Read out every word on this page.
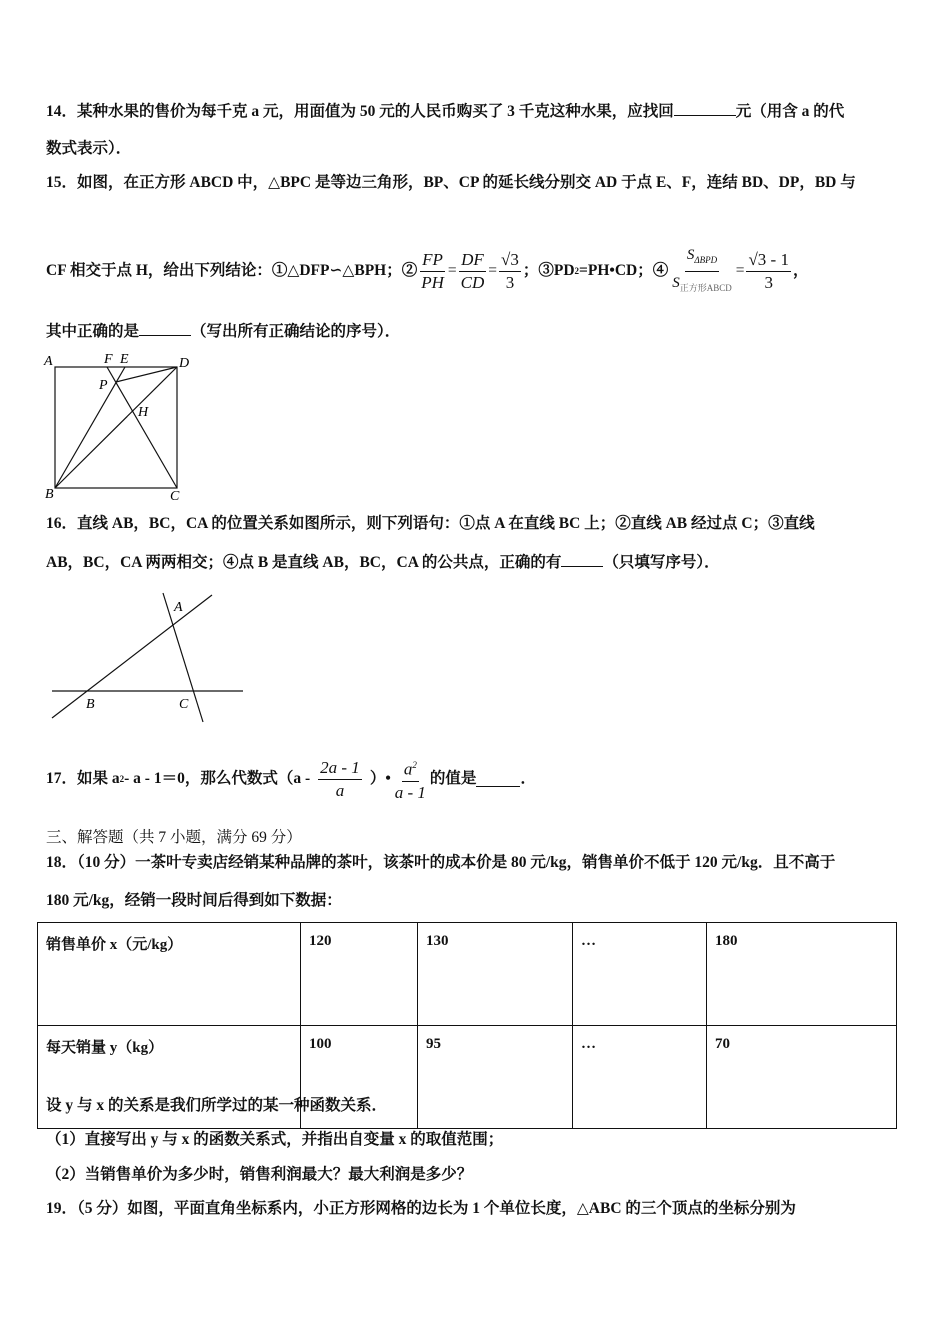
14．某种水果的售价为每千克 a 元，用面值为 50 元的人民币购买了 3 千克这种水果，应找回	元（用含 a 的代
数式表示）．
15．如图，在正方形 ABCD 中，△BPC 是等边三角形，BP、CP 的延长线分别交 AD 于点 E、F，连结 BD、DP，BD 与
CF 相交于点 H，给出下列结论：①△DFP∽△BPH；② $\frac{FP}{PH} = \frac{DF}{CD} = \frac{√3}{3}$ ；③PD 2 =PH•CD；④ $\frac{S_{\Delta BPD}}{S_{正方形ABCD}} = \frac{√3 - 1}{3}$ ，
其中正确的是	（写出所有正确结论的序号）．
A	F E	D
P
H
B	C
16．直线 AB，BC，CA 的位置关系如图所示，则下列语句：①点 A 在直线 BC 上；②直线 AB 经过点 C；③直线
AB，BC，CA 两两相交；④点 B 是直线 AB，BC，CA 的公共点，正确的有	（只填写序号）．
A
B	C
17．如果 a 2 - a - 1＝0，那么代数式（$a - \frac{2a - 1}{a}$ ）• $\frac{a^2}{a - 1}$ 的值是	．
三、解答题（共 7 小题，满分 69 分）
18．（10 分）一茶叶专卖店经销某种品牌的茶叶，该茶叶的成本价是 80 元/kg，销售单价不低于 120 元/kg．且不高于
180 元/kg，经销一段时间后得到如下数据：
销售单价 x（元/kg）	120	130	…	180
每天销量 y（kg）	100	95	…	70
设 y 与 x 的关系是我们所学过的某一种函数关系．
（1）直接写出 y 与 x 的函数关系式，并指出自变量 x 的取值范围；
（2）当销售单价为多少时，销售利润最大？最大利润是多少？
19．（5 分）如图，平面直角坐标系内，小正方形网格的边长为 1 个单位长度，△ABC 的三个顶点的坐标分别为
